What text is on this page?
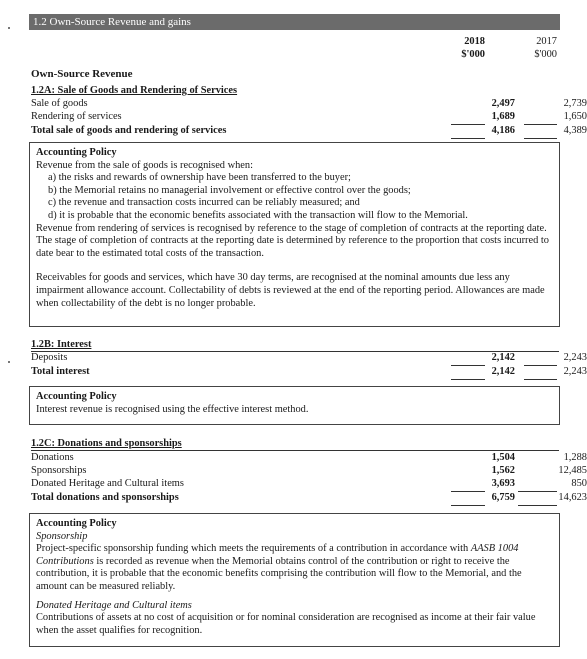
1.2 Own-Source Revenue and gains
2018
$'000
2017
$'000
Own-Source Revenue
1.2A: Sale of Goods and Rendering of Services
Sale of goods	2,497	2,739
Rendering of services	1,689	1,650
Total sale of goods and rendering of services	4,186	4,389

Accounting Policy

Revenue from the sale of goods is recognised when:

a) the risks and rewards of ownership have been transferred to the buyer;

b) the Memorial retains no managerial involvement or effective control over the goods;

c) the revenue and transaction costs incurred can be reliably measured; and

d) it is probable that the economic benefits associated with the transaction will flow to the Memorial.

Revenue from rendering of services is recognised by reference to the stage of completion of contracts at the reporting date. The stage of completion of contracts at the reporting date is determined by reference to the proportion that costs incurred to date bear to the estimated total costs of the transaction.

Receivables for goods and services, which have 30 day terms, are recognised at the nominal amounts due less any impairment allowance account. Collectability of debts is reviewed at the end of the reporting period. Allowances are made when collectability of the debt is no longer probable.

1.2B: Interest
Deposits	2,142	2,243
Total interest	2,142	2,243

Accounting Policy

Interest revenue is recognised using the effective interest method.

1.2C: Donations and sponsorships
Donations	1,504	1,288
Sponsorships	1,562	12,485
Donated Heritage and Cultural items	3,693	850
Total donations and sponsorships	6,759	14,623

Accounting Policy

Sponsorship

Project-specific sponsorship funding which meets the requirements of a contribution in accordance with AASB 1004 Contributions is recorded as revenue when the Memorial obtains control of the contribution or right to receive the contribution, it is probable that the economic benefits comprising the contribution will flow to the Memorial, and the amount can be measured reliably.

Donated Heritage and Cultural items

Contributions of assets at no cost of acquisition or for nominal consideration are recognised as income at their fair value when the asset qualifies for recognition.
